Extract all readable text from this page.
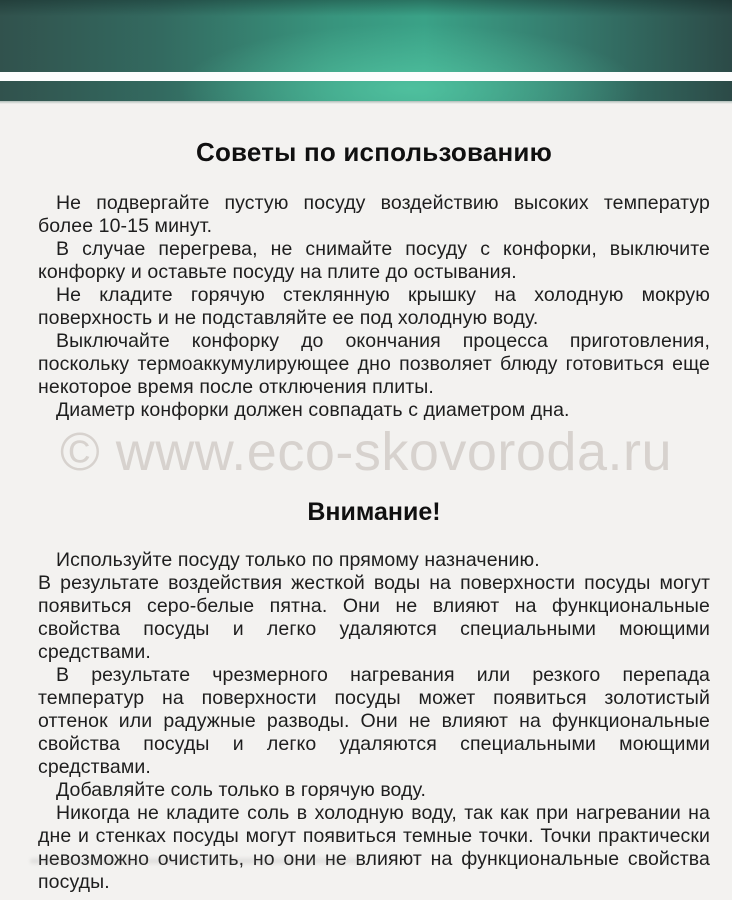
© www.eco-skovoroda.ru
Советы по использованию

Не подвергайте пустую посуду воздействию высоких температур более 10-15 минут.

В случае перегрева, не снимайте посуду с конфорки, выключите конфорку и оставьте посуду на плите до остывания.

Не кладите горячую стеклянную крышку на холодную мокрую поверхность и не подставляйте ее под холодную воду.

Выключайте конфорку до окончания процесса приготовления, поскольку термоаккумулирующее дно позволяет блюду готовиться еще некоторое время после отключения плиты.

Диаметр конфорки должен совпадать с диаметром дна.

Внимание!

Используйте посуду только по прямому назначению.

В результате воздействия жесткой воды на поверхности посуды могут появиться серо-белые пятна. Они не влияют на функциональные свойства посуды и легко удаляются специальными моющими средствами.

В результате чрезмерного нагревания или резкого перепада температур на поверхности посуды может появиться золотистый оттенок или радужные разводы. Они не влияют на функциональные свойства посуды и легко удаляются специальными моющими средствами.

Добавляйте соль только в горячую воду.

Никогда не кладите соль в холодную воду, так как при нагревании на дне и стенках посуды могут появиться темные точки. Точки практически невозможно очистить, но они не влияют на функциональные свойства посуды.
